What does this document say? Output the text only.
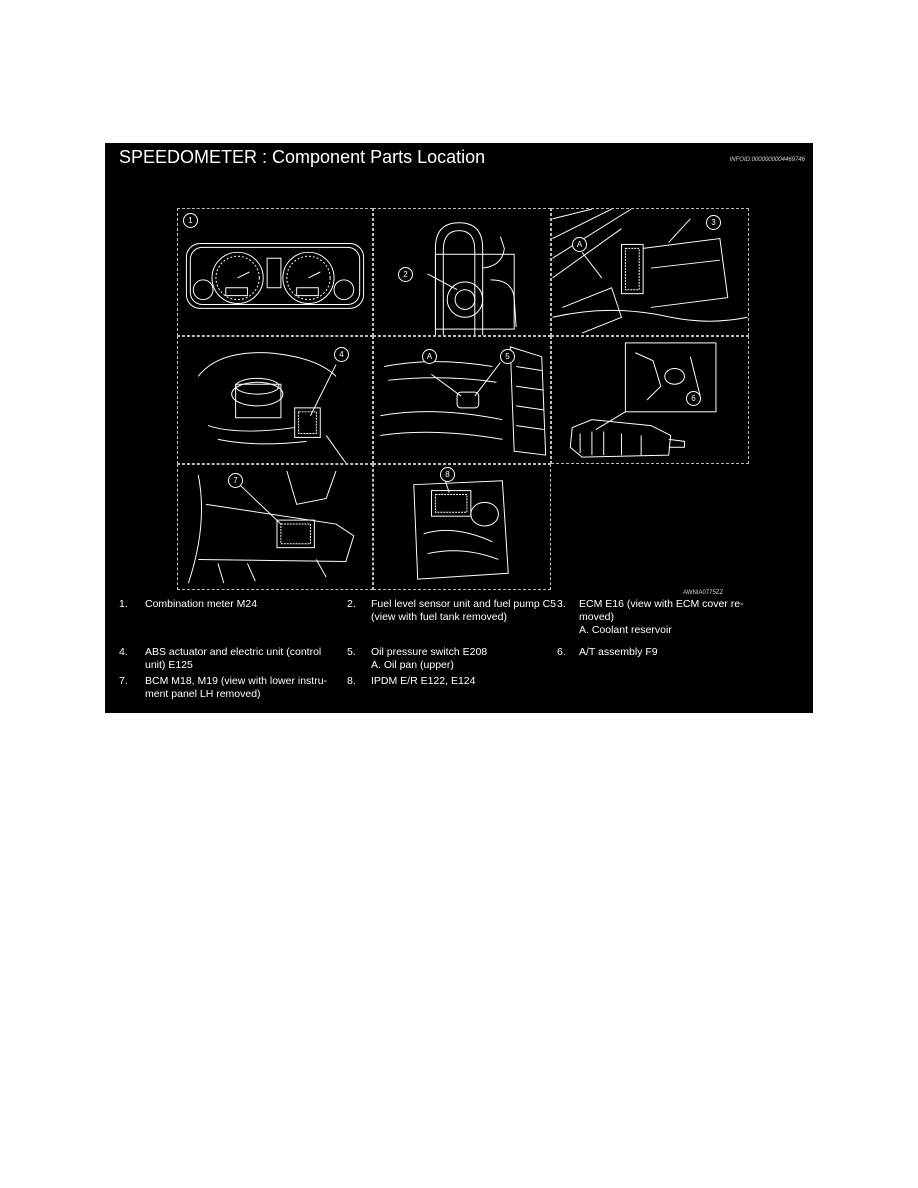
SPEEDOMETER : Component Parts Location	INFOID:0000000004469746
1
2
3
A
4	5
A
6
7
8
AWNIA0775ZZ
1. Combination meter M24	2. Fuel level sensor unit and fuel pump C5 (view with fuel tank removed)
3. ECM E16 (view with ECM cover re- moved)
A. Coolant reservoir
4. ABS actuator and electric unit (control unit) E125
5. Oil pressure switch E208
A. Oil pan (upper)
6. A/T assembly F9
7. BCM M18, M19 (view with lower instru- ment panel LH removed)
8. IPDM E/R E122, E124
